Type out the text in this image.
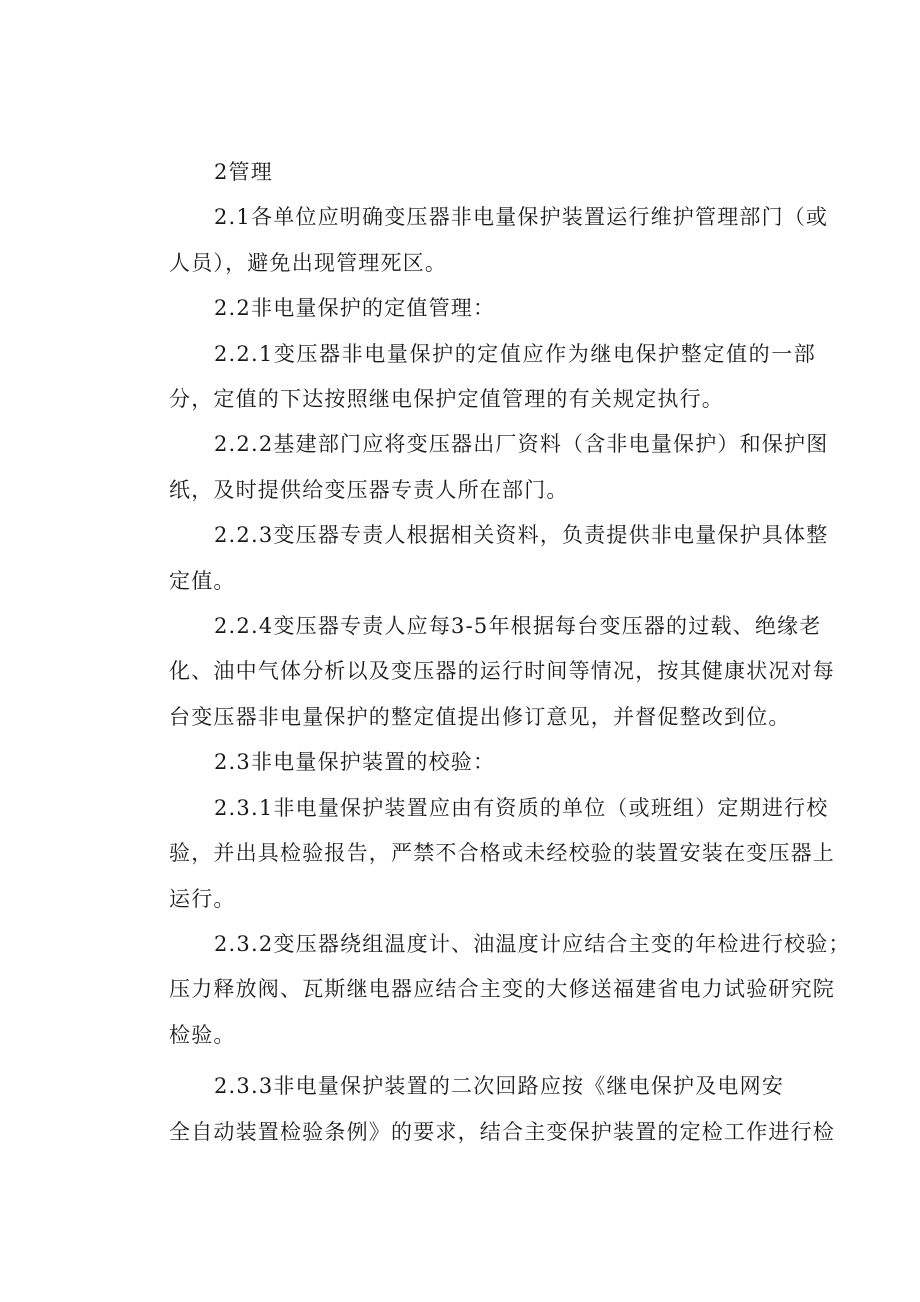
2管理
2.1各单位应明确变压器非电量保护装置运行维护管理部门（或
人员），避免出现管理死区。
2.2非电量保护的定值管理：
2.2.1变压器非电量保护的定值应作为继电保护整定值的一部
分，定值的下达按照继电保护定值管理的有关规定执行。
2.2.2基建部门应将变压器出厂资料（含非电量保护）和保护图
纸，及时提供给变压器专责人所在部门。
2.2.3变压器专责人根据相关资料，负责提供非电量保护具体整
定值。
2.2.4变压器专责人应每3-5年根据每台变压器的过载、绝缘老
化、油中气体分析以及变压器的运行时间等情况，按其健康状况对每
台变压器非电量保护的整定值提出修订意见，并督促整改到位。
2.3非电量保护装置的校验：
2.3.1非电量保护装置应由有资质的单位（或班组）定期进行校
验，并出具检验报告，严禁不合格或未经校验的装置安装在变压器上
运行。
2.3.2变压器绕组温度计、油温度计应结合主变的年检进行校验；
压力释放阀、瓦斯继电器应结合主变的大修送福建省电力试验研究院
检验。
2.3.3非电量保护装置的二次回路应按《继电保护及电网安
全自动装置检验条例》的要求，结合主变保护装置的定检工作进行检
